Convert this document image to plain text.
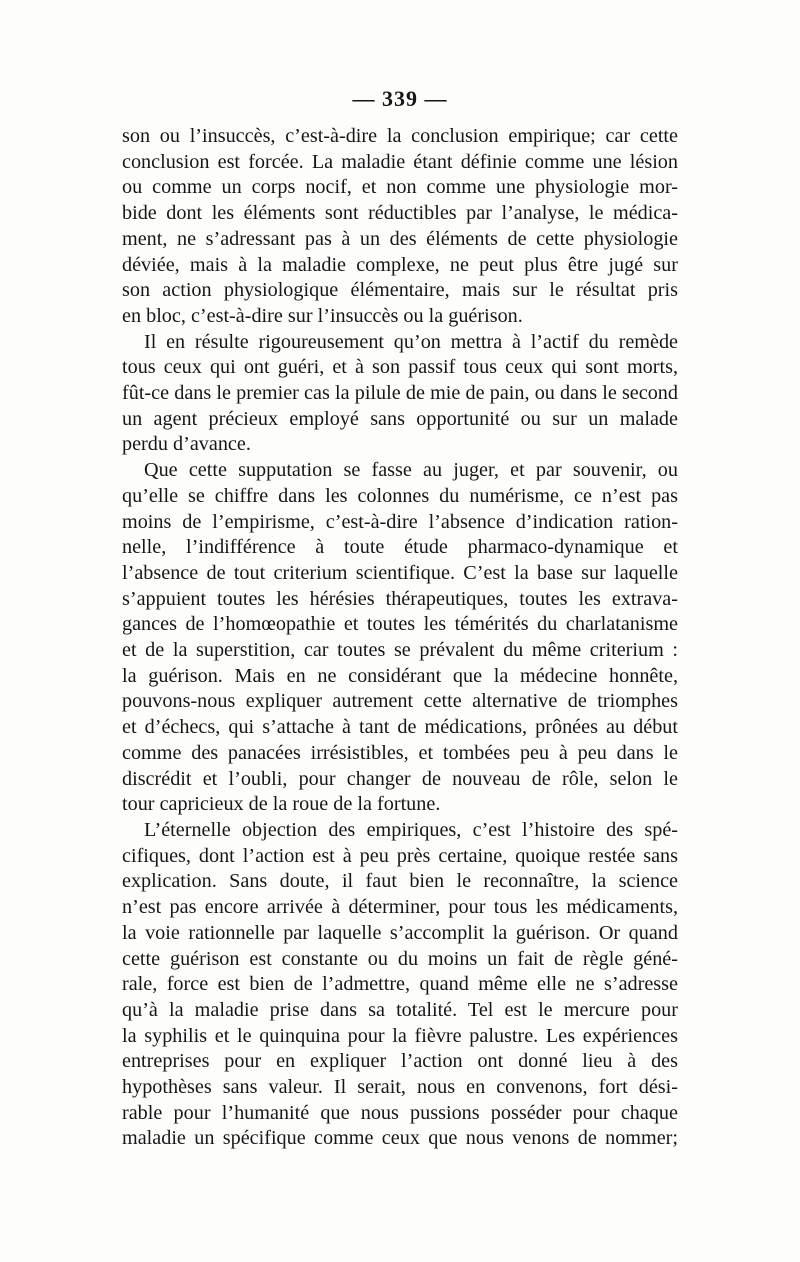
— 339 —
son ou l’insuccès, c’est-à-dire la conclusion empirique; car cette
conclusion est forcée. La maladie étant définie comme une lésion
ou comme un corps nocif, et non comme une physiologie mor-
bide dont les éléments sont réductibles par l’analyse, le médica-
ment, ne s’adressant pas à un des éléments de cette physiologie
déviée, mais à la maladie complexe, ne peut plus être jugé sur
son action physiologique élémentaire, mais sur le résultat pris
en bloc, c’est-à-dire sur l’insuccès ou la guérison.
Il en résulte rigoureusement qu’on mettra à l’actif du remède
tous ceux qui ont guéri, et à son passif tous ceux qui sont morts,
fût-ce dans le premier cas la pilule de mie de pain, ou dans le second
un agent précieux employé sans opportunité ou sur un malade
perdu d’avance.
Que cette supputation se fasse au juger, et par souvenir, ou
qu’elle se chiffre dans les colonnes du numérisme, ce n’est pas
moins de l’empirisme, c’est-à-dire l’absence d’indication ration-
nelle, l’indifférence à toute étude pharmaco-dynamique et
l’absence de tout criterium scientifique. C’est la base sur laquelle
s’appuient toutes les hérésies thérapeutiques, toutes les extrava-
gances de l’homœopathie et toutes les témérités du charlatanisme
et de la superstition, car toutes se prévalent du même criterium :
la guérison. Mais en ne considérant que la médecine honnête,
pouvons-nous expliquer autrement cette alternative de triomphes
et d’échecs, qui s’attache à tant de médications, prônées au début
comme des panacées irrésistibles, et tombées peu à peu dans le
discrédit et l’oubli, pour changer de nouveau de rôle, selon le
tour capricieux de la roue de la fortune.
L’éternelle objection des empiriques, c’est l’histoire des spé-
cifiques, dont l’action est à peu près certaine, quoique restée sans
explication. Sans doute, il faut bien le reconnaître, la science
n’est pas encore arrivée à déterminer, pour tous les médicaments,
la voie rationnelle par laquelle s’accomplit la guérison. Or quand
cette guérison est constante ou du moins un fait de règle géné-
rale, force est bien de l’admettre, quand même elle ne s’adresse
qu’à la maladie prise dans sa totalité. Tel est le mercure pour
la syphilis et le quinquina pour la fièvre palustre. Les expériences
entreprises pour en expliquer l’action ont donné lieu à des
hypothèses sans valeur. Il serait, nous en convenons, fort dési-
rable pour l’humanité que nous pussions posséder pour chaque
maladie un spécifique comme ceux que nous venons de nommer;
